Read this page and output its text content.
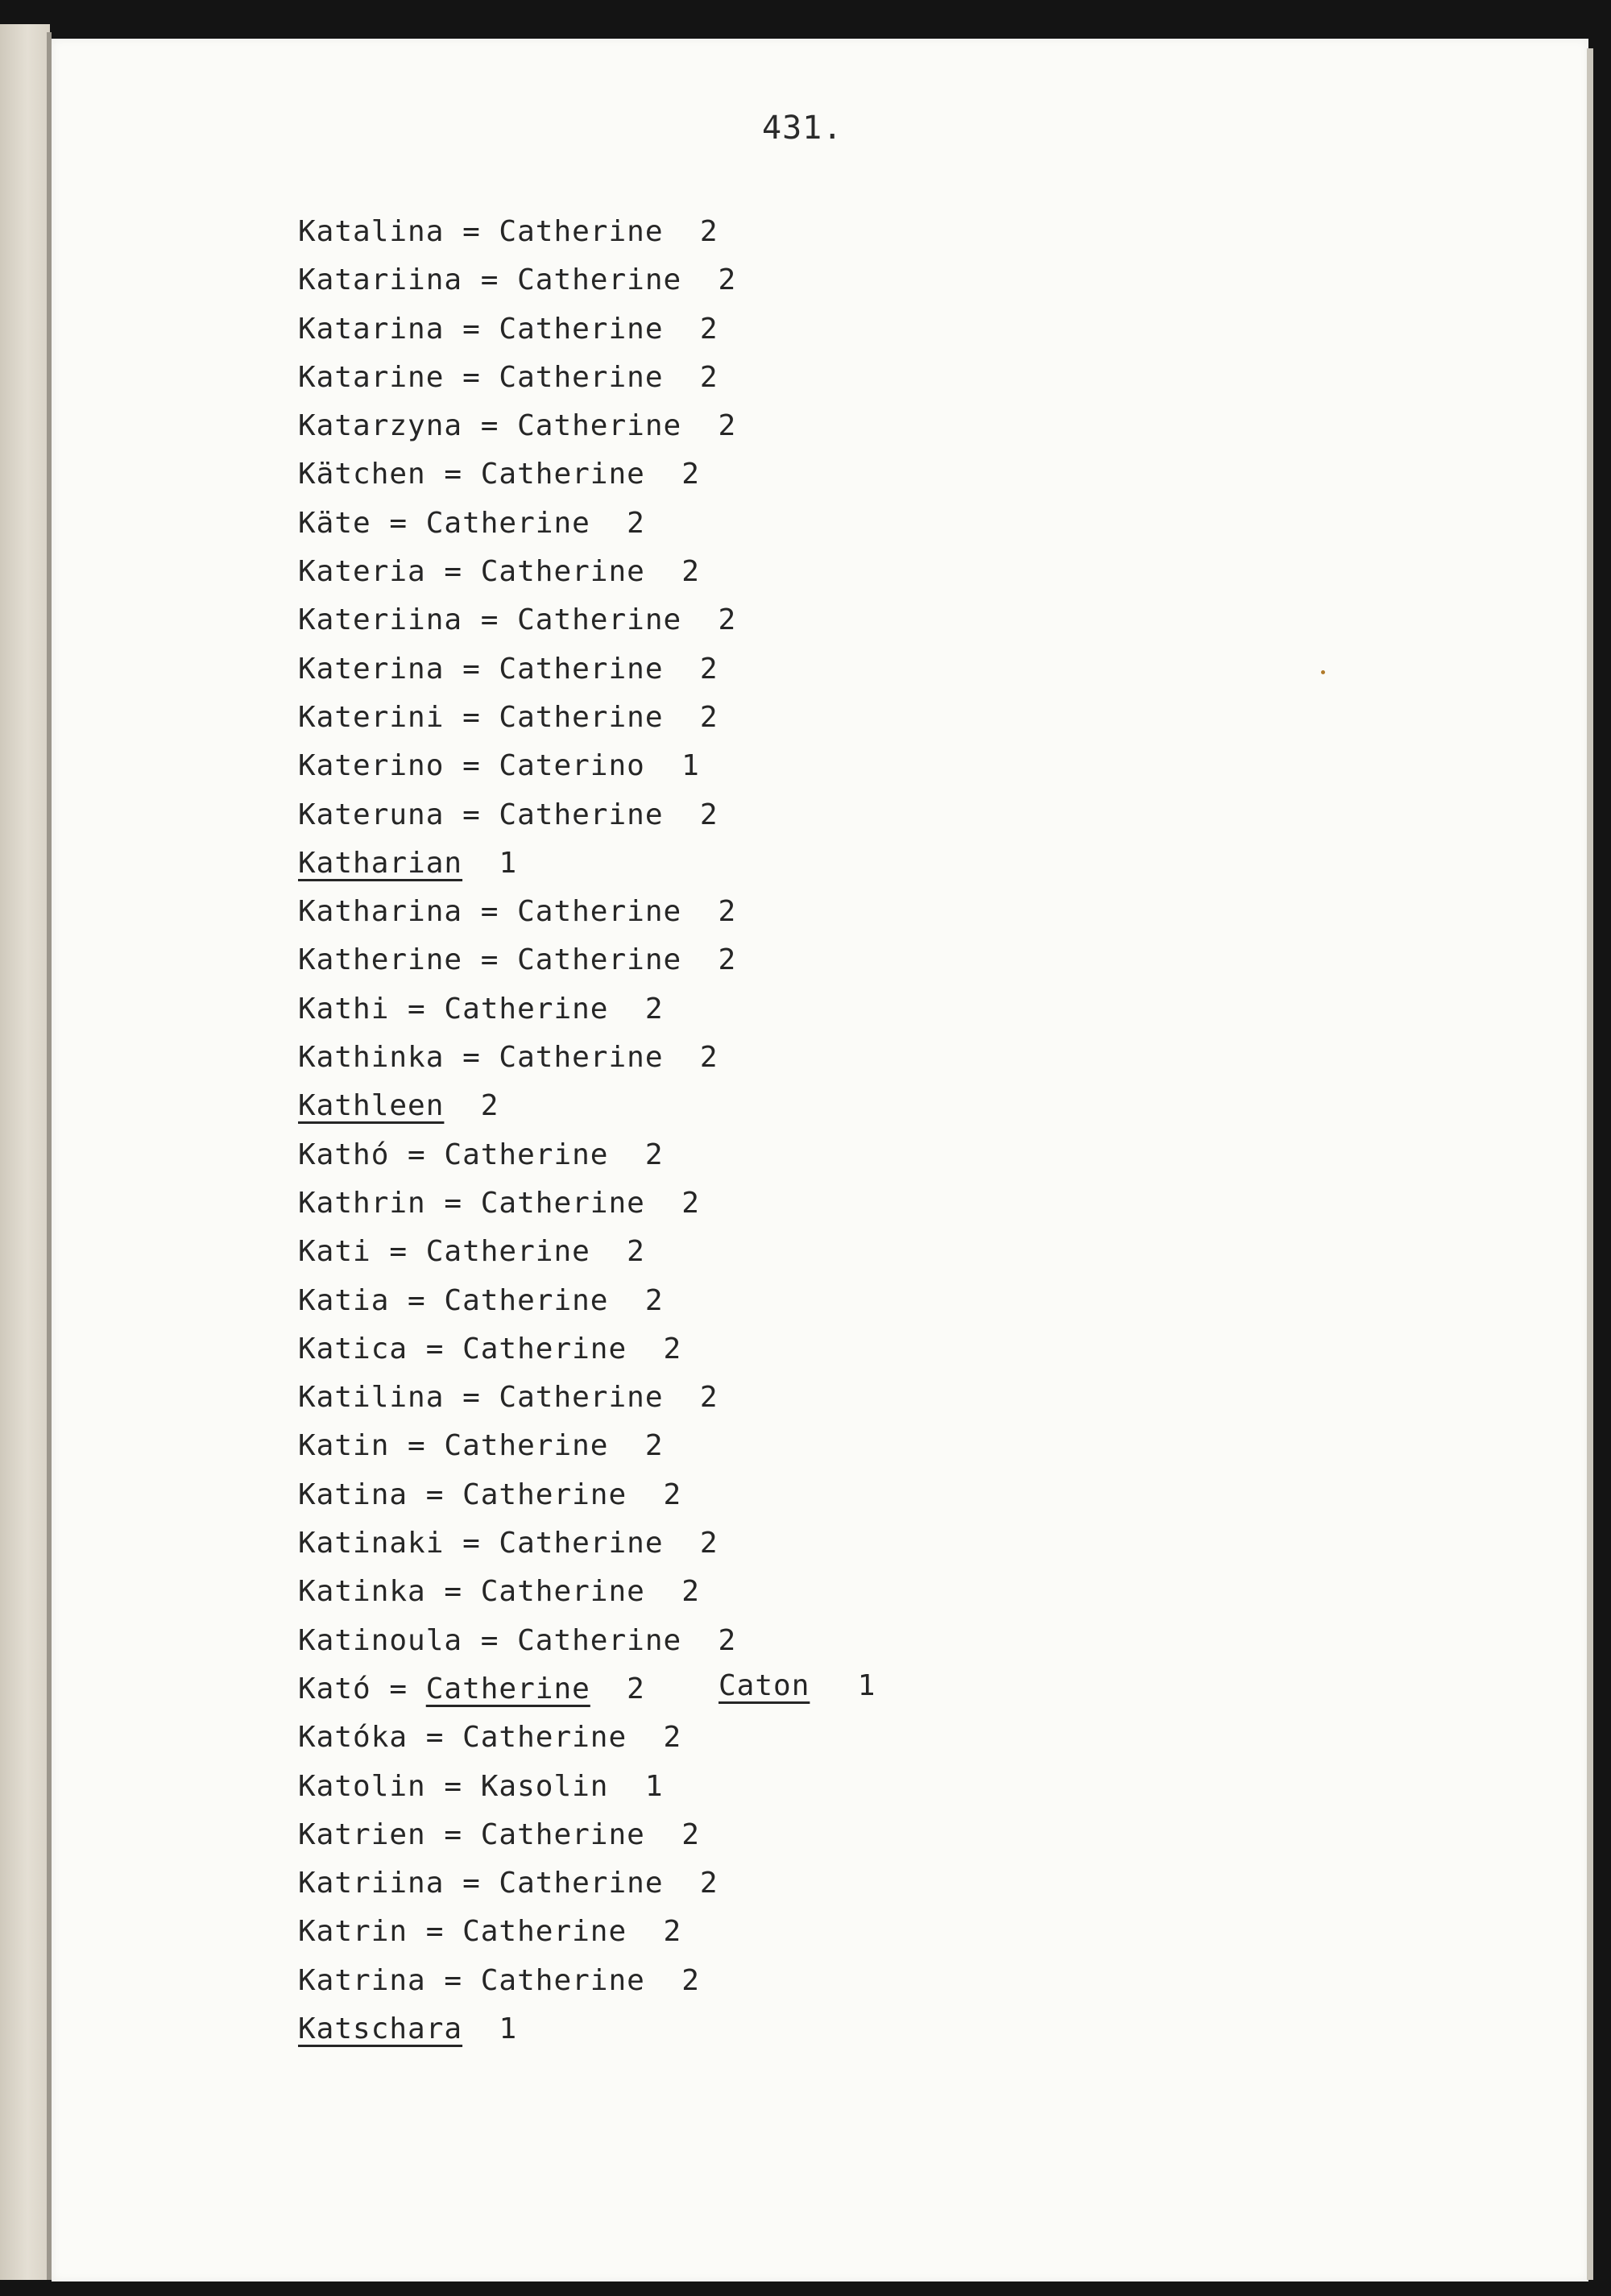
431.
Katalina = Catherine 2
Katariina = Catherine 2
Katarina = Catherine 2
Katarine = Catherine 2
Katarzyna = Catherine 2
Kätchen = Catherine 2
Käte = Catherine 2
Kateria = Catherine 2
Kateriina = Catherine 2
Katerina = Catherine 2
Katerini = Catherine 2
Katerino = Caterino 1
Kateruna = Catherine 2
Katharian 1
Katharina = Catherine 2
Katherine = Catherine 2
Kathi = Catherine 2
Kathinka = Catherine 2
Kathleen 2
Kathó = Catherine 2
Kathrin = Catherine 2
Kati = Catherine 2
Katia = Catherine 2
Katica = Catherine 2
Katilina = Catherine 2
Katin = Catherine 2
Katina = Catherine 2
Katinaki = Catherine 2
Katinka = Catherine 2
Katinoula = Catherine 2
Kató = Catherine 2
Katóka = Catherine 2
Katolin = Kasolin 1
Katrien = Catherine 2
Katriina = Catherine 2
Katrin = Catherine 2
Katrina = Catherine 2
Katschara 1
Caton 1
